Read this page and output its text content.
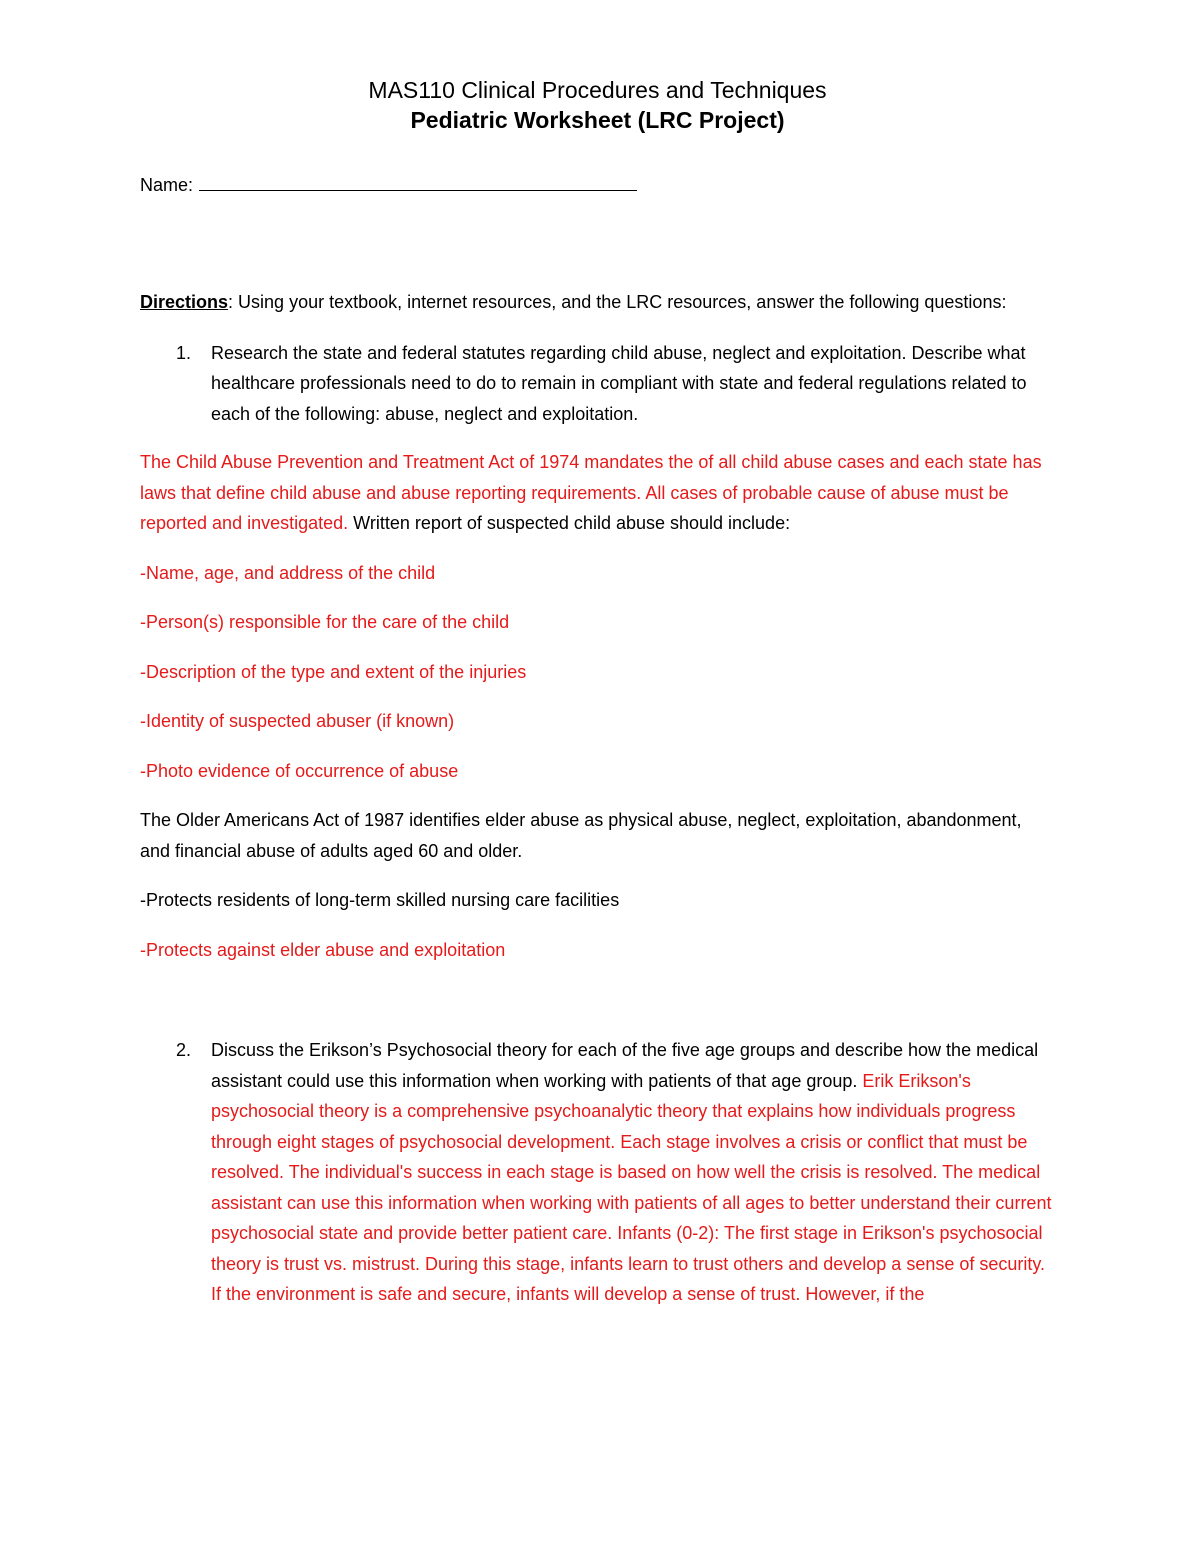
MAS110 Clinical Procedures and Techniques
Pediatric Worksheet (LRC Project)
Name:

Directions: Using your textbook, internet resources, and the LRC resources, answer the following questions:

1. Research the state and federal statutes regarding child abuse, neglect and exploitation. Describe what healthcare professionals need to do to remain in compliant with state and federal regulations related to each of the following: abuse, neglect and exploitation.

The Child Abuse Prevention and Treatment Act of 1974 mandates the of all child abuse cases and each state has laws that define child abuse and abuse reporting requirements. All cases of probable cause of abuse must be reported and investigated. Written report of suspected child abuse should include:

-Name, age, and address of the child

-Person(s) responsible for the care of the child

-Description of the type and extent of the injuries

-Identity of suspected abuser (if known)

-Photo evidence of occurrence of abuse

The Older Americans Act of 1987 identifies elder abuse as physical abuse, neglect, exploitation, abandonment, and financial abuse of adults aged 60 and older.

-Protects residents of long-term skilled nursing care facilities

-Protects against elder abuse and exploitation

2. Discuss the Erikson’s Psychosocial theory for each of the five age groups and describe how the medical assistant could use this information when working with patients of that age group. Erik Erikson's psychosocial theory is a comprehensive psychoanalytic theory that explains how individuals progress through eight stages of psychosocial development. Each stage involves a crisis or conflict that must be resolved. The individual's success in each stage is based on how well the crisis is resolved. The medical assistant can use this information when working with patients of all ages to better understand their current psychosocial state and provide better patient care. Infants (0-2): The first stage in Erikson's psychosocial theory is trust vs. mistrust. During this stage, infants learn to trust others and develop a sense of security. If the environment is safe and secure, infants will develop a sense of trust. However, if the
